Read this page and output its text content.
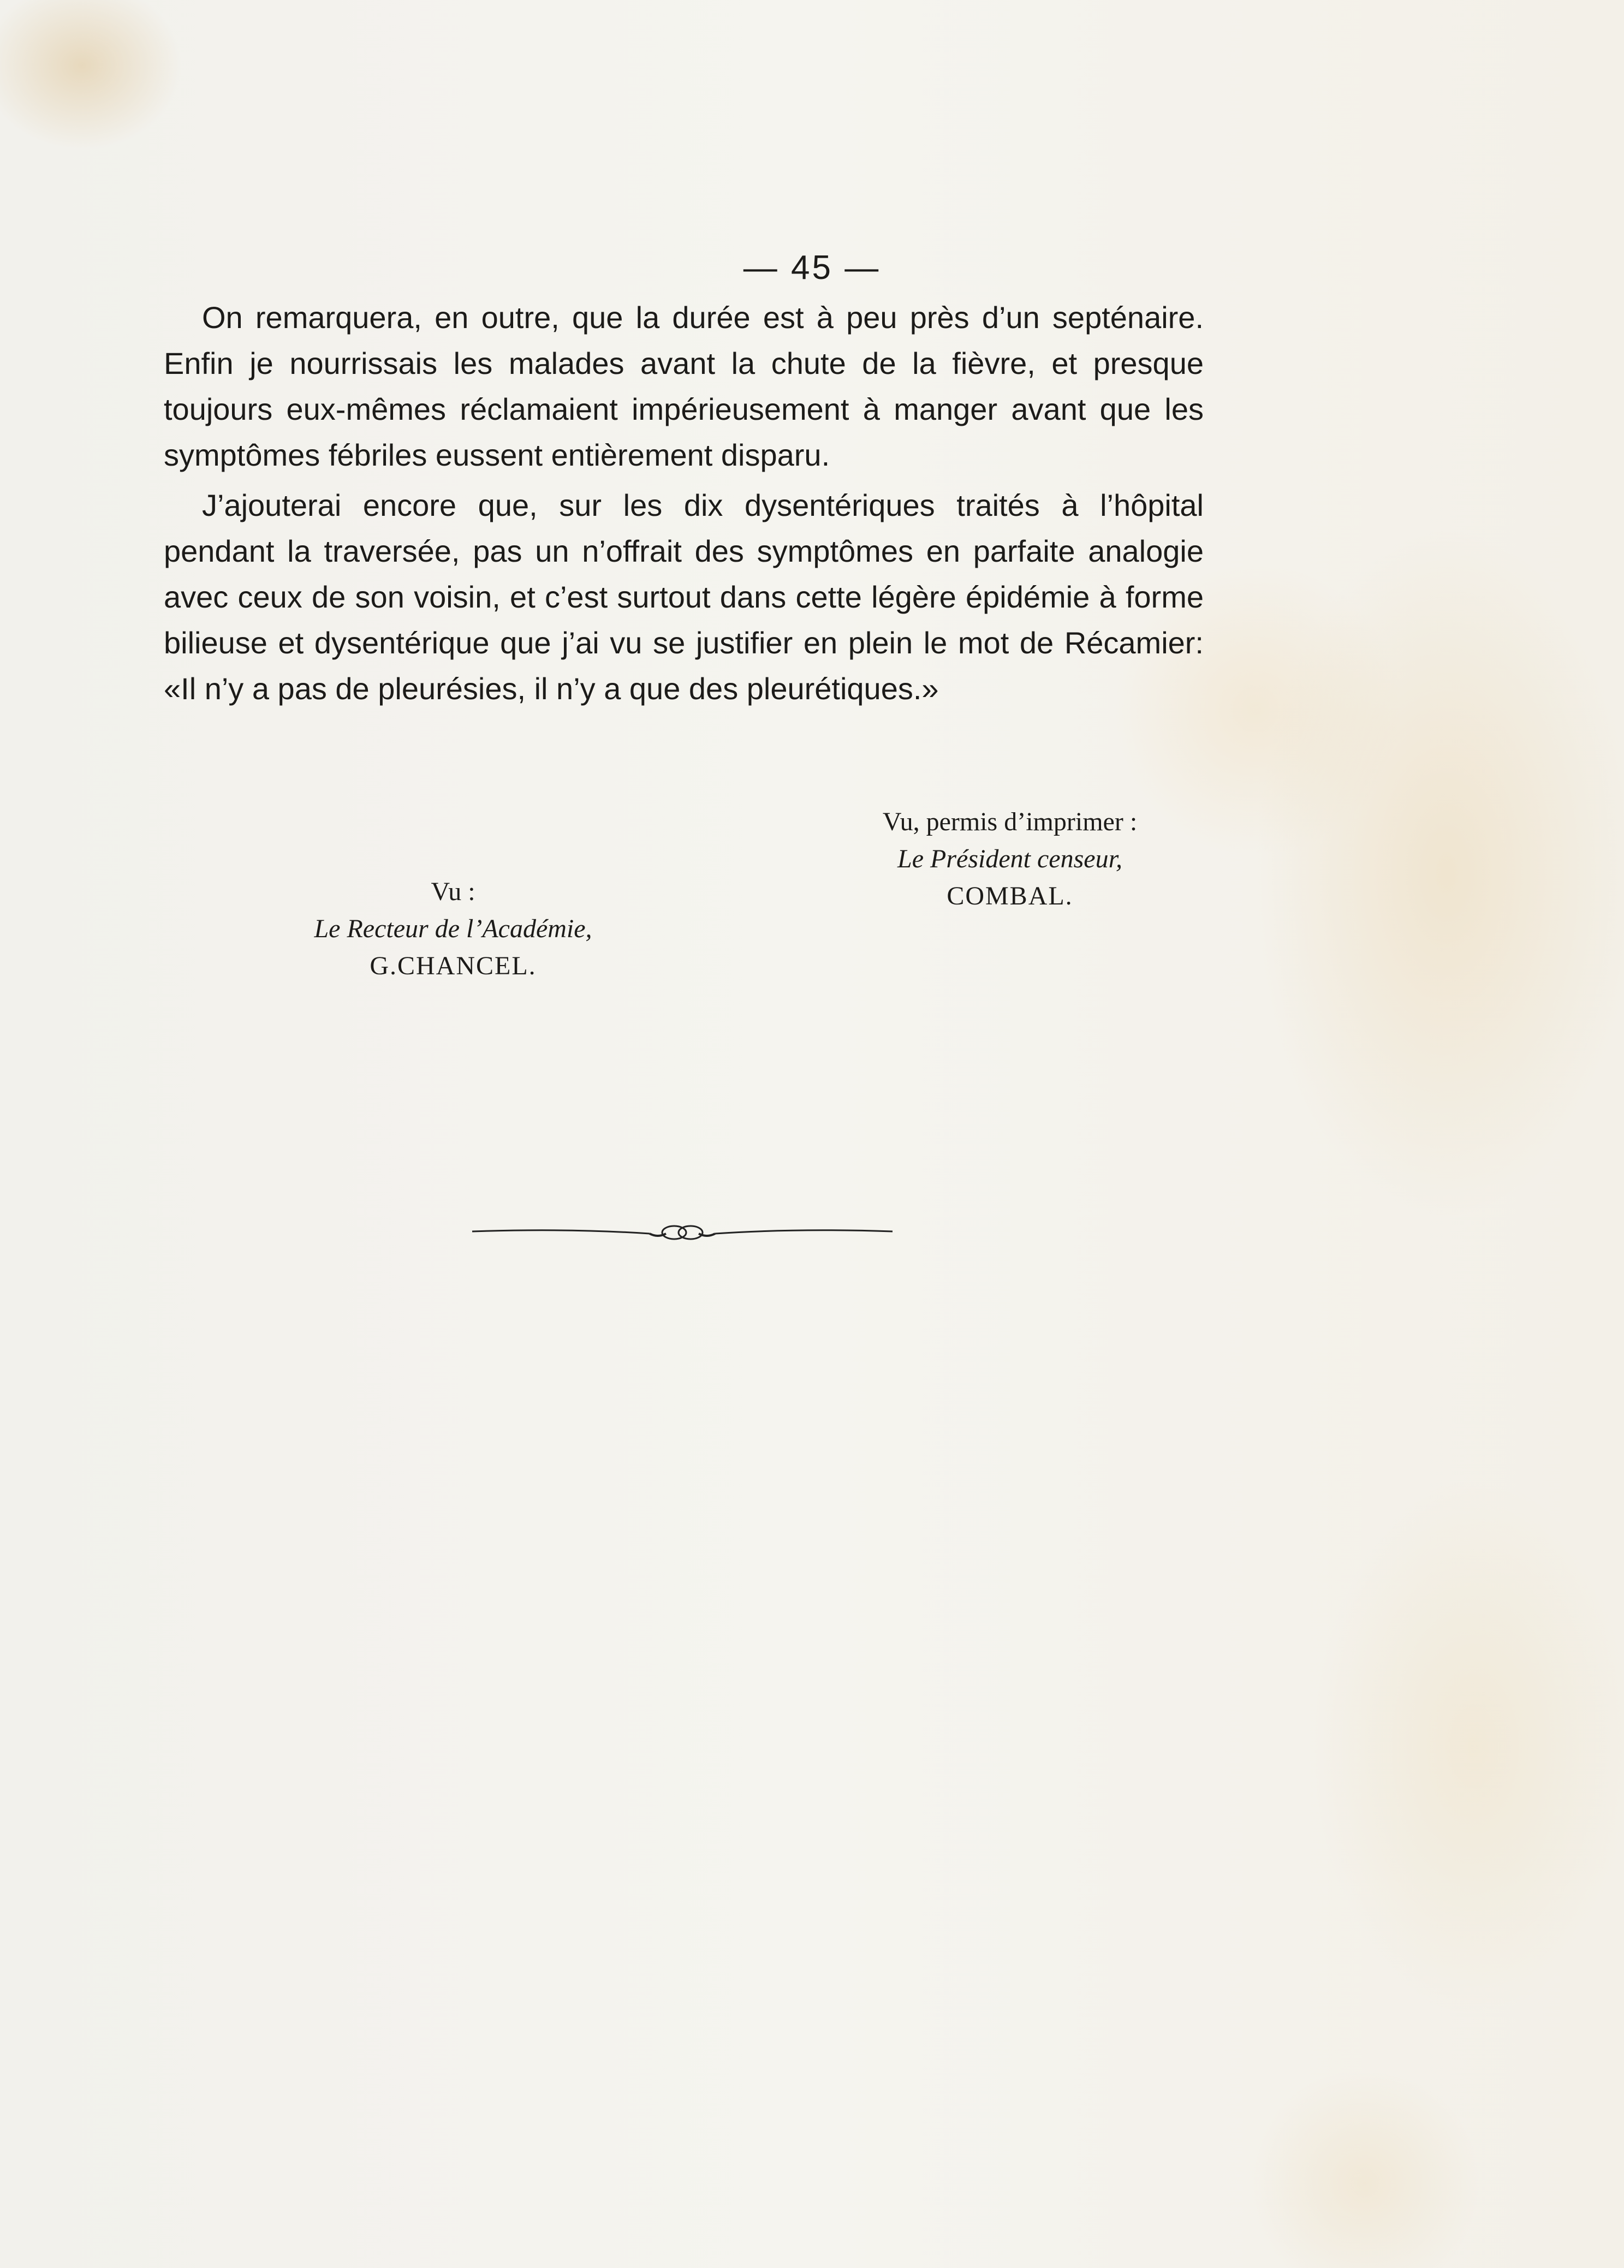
— 45 —

On remarquera, en outre, que la durée est à peu près d’un septénaire. Enfin je nourrissais les malades avant la chute de la fièvre, et presque toujours eux-mêmes réclamaient impérieusement à manger avant que les symptômes fébriles eussent entièrement disparu.

J’ajouterai encore que, sur les dix dysentériques traités à l’hôpital pendant la traversée, pas un n’offrait des symptômes en parfaite analogie avec ceux de son voisin, et c’est surtout dans cette légère épidémie à forme bilieuse et dysentérique que j’ai vu se justifier en plein le mot de Récamier: «Il n’y a pas de pleurésies, il n’y a que des pleurétiques.»

Vu, permis d’imprimer :
Le Président censeur,
COMBAL.
Vu :
Le Recteur de l’Académie,
G.CHANCEL.
